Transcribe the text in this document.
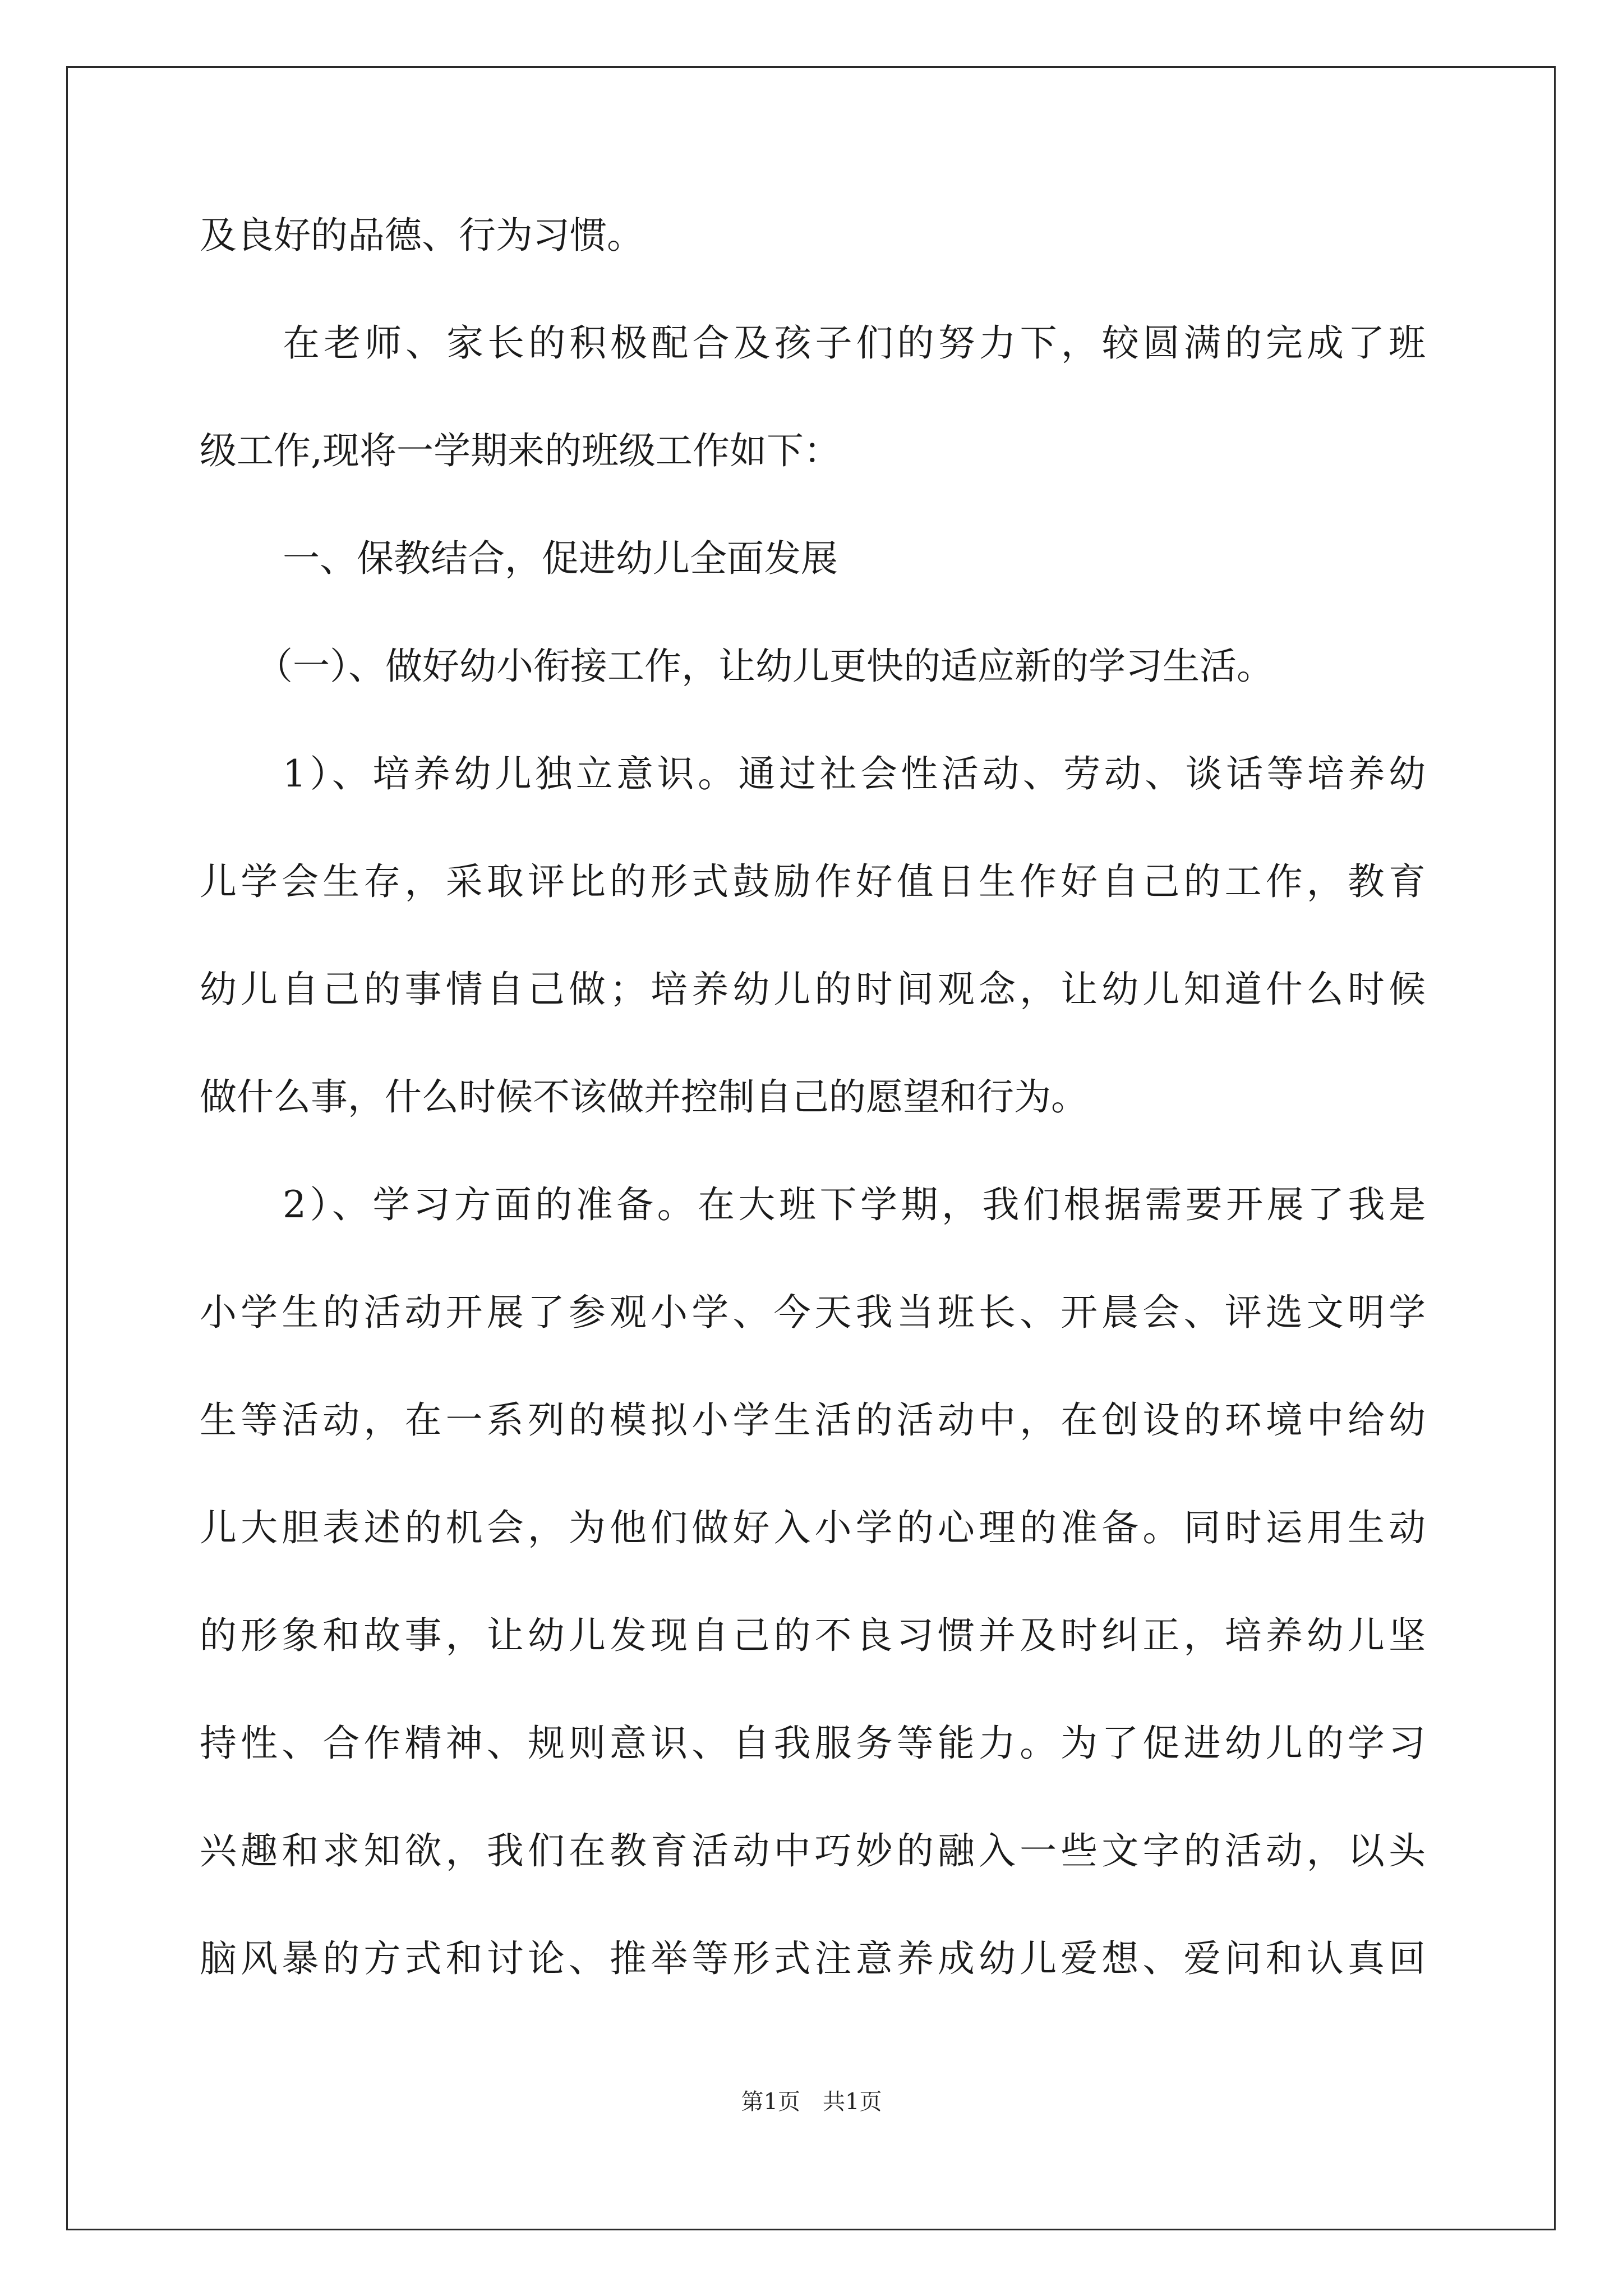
及良好的品德、行为习惯。
在老师、家长的积极配合及孩子们的努力下，较圆满的完成了班
级工作,现将一学期来的班级工作如下：
一、保教结合，促进幼儿全面发展
（一）、做好幼小衔接工作，让幼儿更快的适应新的学习生活。
1）、培养幼儿独立意识。通过社会性活动、劳动、谈话等培养幼
儿学会生存，采取评比的形式鼓励作好值日生作好自己的工作，教育
幼儿自己的事情自己做；培养幼儿的时间观念，让幼儿知道什么时候
做什么事，什么时候不该做并控制自己的愿望和行为。
2）、学习方面的准备。在大班下学期，我们根据需要开展了我是
小学生的活动开展了参观小学、今天我当班长、开晨会、评选文明学
生等活动，在一系列的模拟小学生活的活动中，在创设的环境中给幼
儿大胆表述的机会，为他们做好入小学的心理的准备。同时运用生动
的形象和故事，让幼儿发现自己的不良习惯并及时纠正，培养幼儿坚
持性、合作精神、规则意识、自我服务等能力。为了促进幼儿的学习
兴趣和求知欲，我们在教育活动中巧妙的融入一些文字的活动，以头
脑风暴的方式和讨论、推举等形式注意养成幼儿爱想、爱问和认真回
第1页　共1页
